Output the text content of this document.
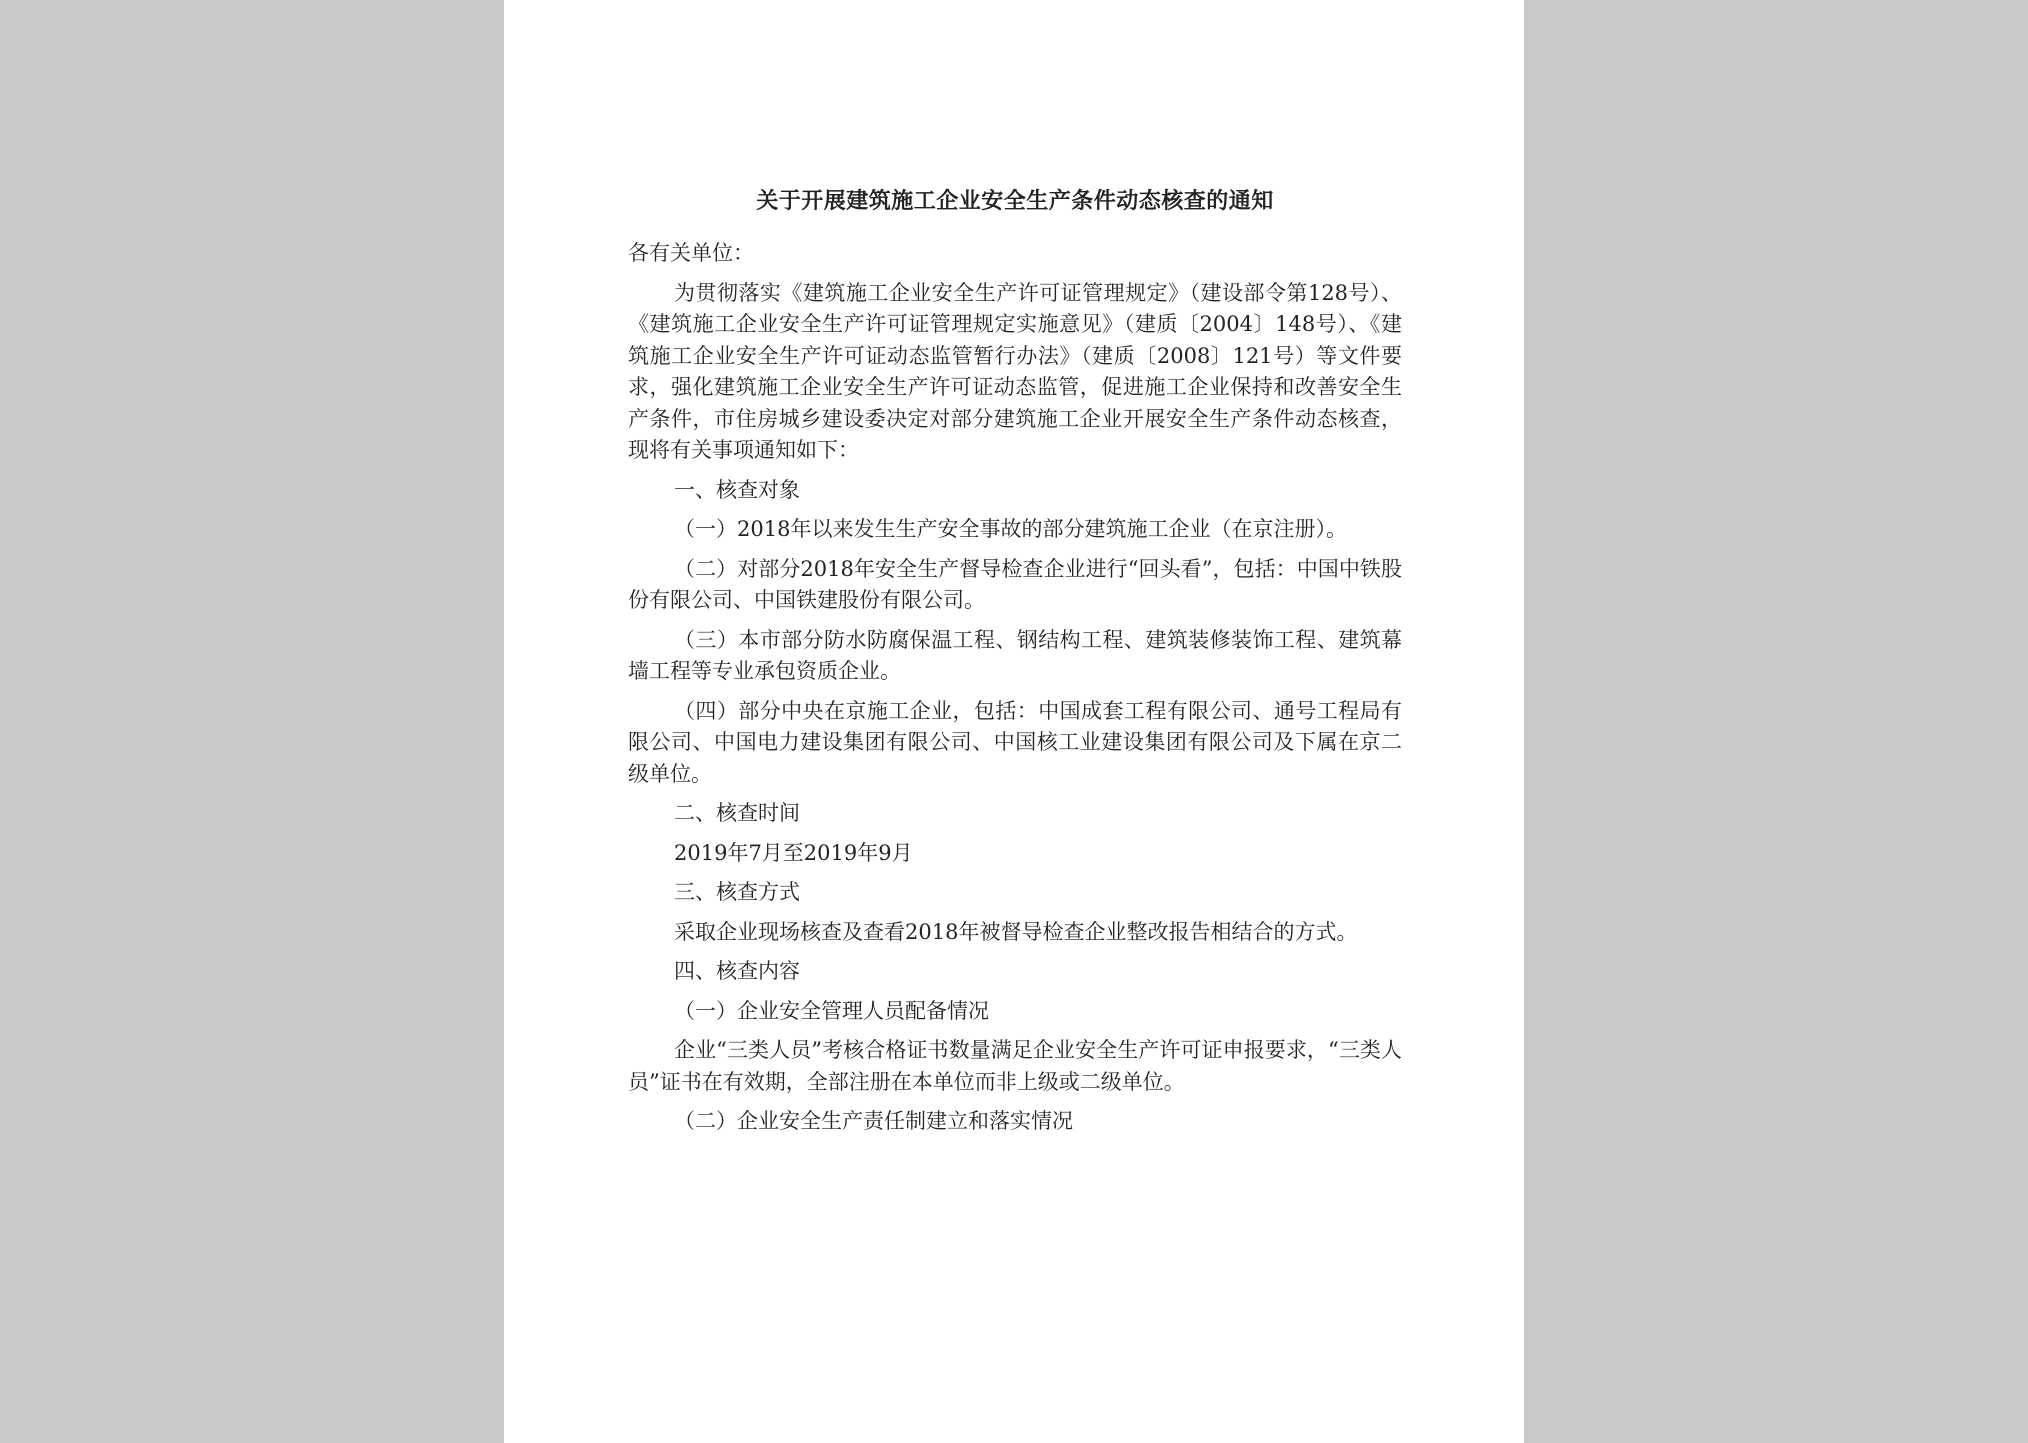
关于开展建筑施工企业安全生产条件动态核查的通知
各有关单位：
为贯彻落实《建筑施工企业安全生产许可证管理规定》（建设部令第128号）、《建筑施工企业安全生产许可证管理规定实施意见》（建质〔2004〕148号）、《建筑施工企业安全生产许可证动态监管暂行办法》（建质〔2008〕121号）等文件要求，强化建筑施工企业安全生产许可证动态监管，促进施工企业保持和改善安全生产条件，市住房城乡建设委决定对部分建筑施工企业开展安全生产条件动态核查，现将有关事项通知如下：
一、核查对象
（一）2018年以来发生生产安全事故的部分建筑施工企业（在京注册）。
（二）对部分2018年安全生产督导检查企业进行“回头看”，包括：中国中铁股份有限公司、中国铁建股份有限公司。
（三）本市部分防水防腐保温工程、钢结构工程、建筑装修装饰工程、建筑幕墙工程等专业承包资质企业。
（四）部分中央在京施工企业，包括：中国成套工程有限公司、通号工程局有限公司、中国电力建设集团有限公司、中国核工业建设集团有限公司及下属在京二级单位。
二、核查时间
2019年7月至2019年9月
三、核查方式
采取企业现场核查及查看2018年被督导检查企业整改报告相结合的方式。
四、核查内容
（一）企业安全管理人员配备情况
企业“三类人员”考核合格证书数量满足企业安全生产许可证申报要求，“三类人员”证书在有效期，全部注册在本单位而非上级或二级单位。
（二）企业安全生产责任制建立和落实情况
